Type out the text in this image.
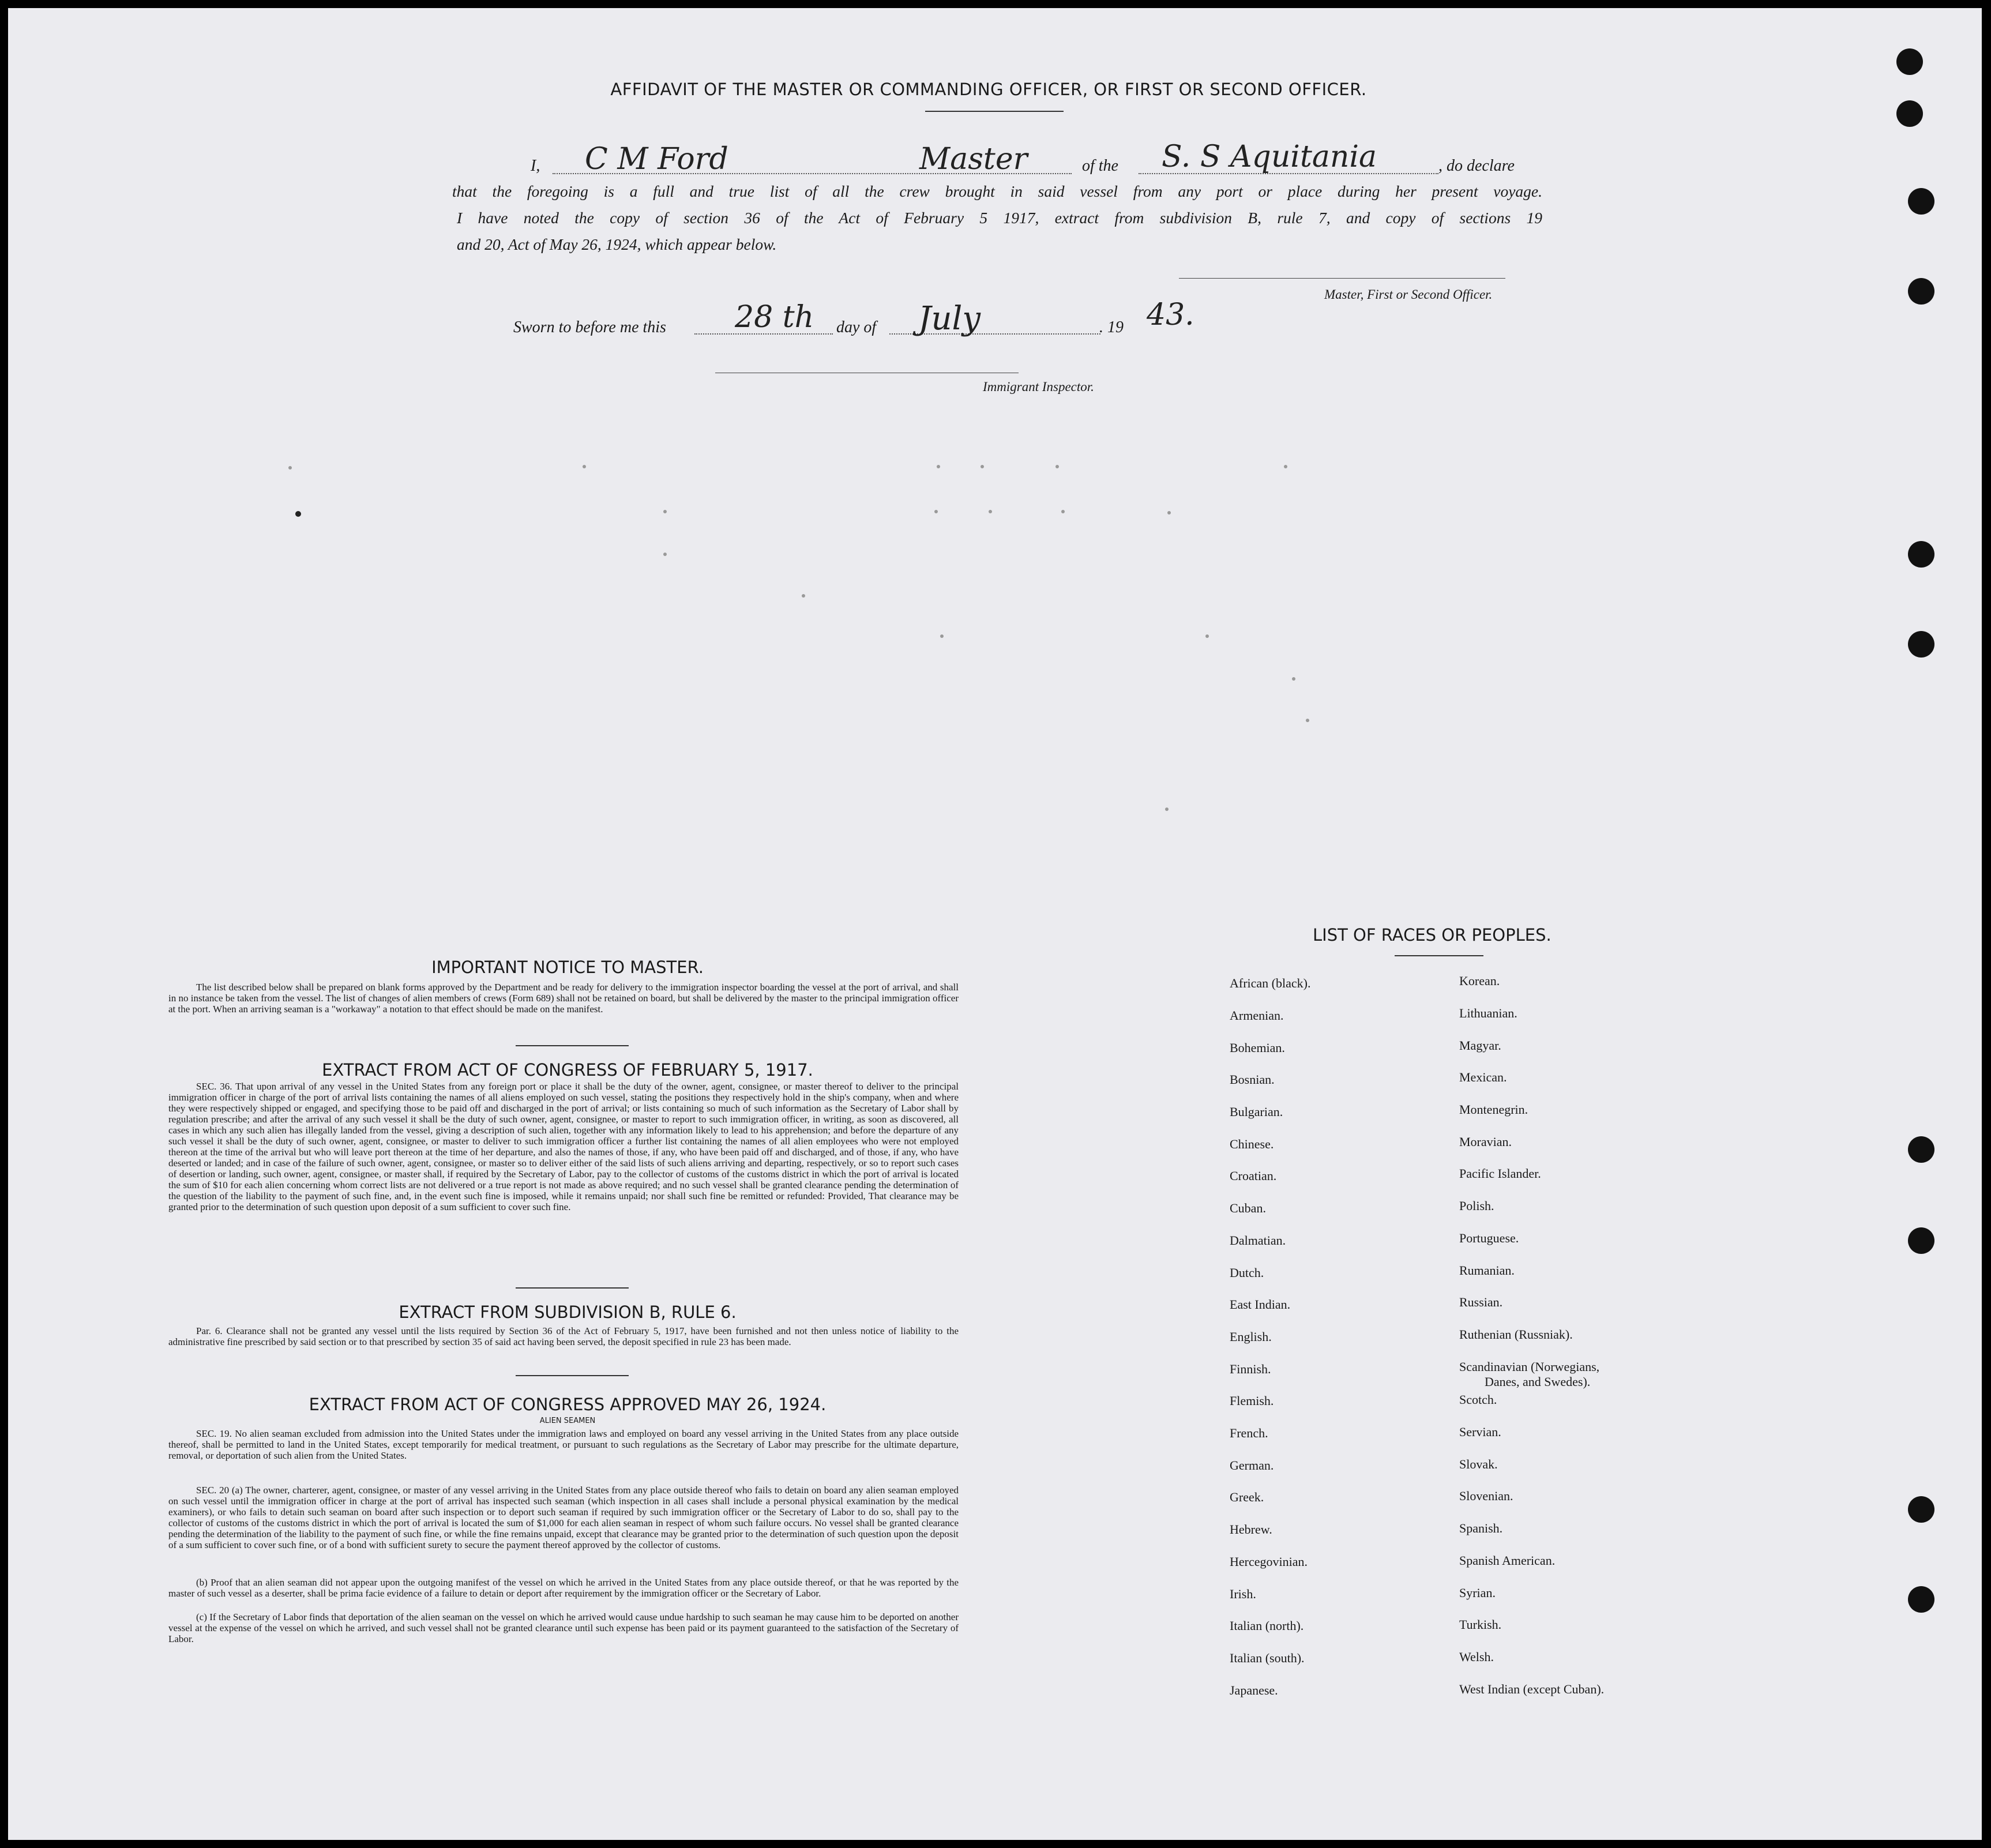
AFFIDAVIT OF THE MASTER OR COMMANDING OFFICER, OR FIRST OR SECOND OFFICER.
I, C M Ford	Master	of the S. S Aquitania	, do declare
that the foregoing is a full and true list of all the crew brought in said vessel from any port or place during her present voyage.
I have noted the copy of section 36 of the Act of February 5 1917, extract from subdivision B, rule 7, and copy of sections 19
and 20, Act of May 26, 1924, which appear below.
Master, First or Second Officer.
Sworn to before me this 28 th day of July	. 19 43.
Immigrant Inspector.
IMPORTANT NOTICE TO MASTER.
The list described below shall be prepared on blank forms approved by the Department and be ready for delivery to the immigration inspector boarding the vessel at the port of arrival, and shall in no instance be taken from the vessel. The list of changes of alien members of crews (Form 689) shall not be retained on board, but shall be delivered by the master to the principal immigration officer at the port. When an arriving seaman is a "workaway" a notation to that effect should be made on the manifest.
EXTRACT FROM ACT OF CONGRESS OF FEBRUARY 5, 1917.
SEC. 36. That upon arrival of any vessel in the United States from any foreign port or place it shall be the duty of the owner, agent, consignee, or master thereof to deliver to the principal immigration officer in charge of the port of arrival lists containing the names of all aliens employed on such vessel, stating the positions they respectively hold in the ship's company, when and where they were respectively shipped or engaged, and specifying those to be paid off and discharged in the port of arrival; or lists containing so much of such information as the Secretary of Labor shall by regulation prescribe; and after the arrival of any such vessel it shall be the duty of such owner, agent, consignee, or master to report to such immigration officer, in writing, as soon as discovered, all cases in which any such alien has illegally landed from the vessel, giving a description of such alien, together with any information likely to lead to his apprehension; and before the departure of any such vessel it shall be the duty of such owner, agent, consignee, or master to deliver to such immigration officer a further list containing the names of all alien employees who were not employed thereon at the time of the arrival but who will leave port thereon at the time of her departure, and also the names of those, if any, who have been paid off and discharged, and of those, if any, who have deserted or landed; and in case of the failure of such owner, agent, consignee, or master so to deliver either of the said lists of such aliens arriving and departing, respectively, or so to report such cases of desertion or landing, such owner, agent, consignee, or master shall, if required by the Secretary of Labor, pay to the collector of customs of the customs district in which the port of arrival is located the sum of $10 for each alien concerning whom correct lists are not delivered or a true report is not made as above required; and no such vessel shall be granted clearance pending the determination of the question of the liability to the payment of such fine, and, in the event such fine is imposed, while it remains unpaid; nor shall such fine be remitted or refunded: Provided, That clearance may be granted prior to the determination of such question upon deposit of a sum sufficient to cover such fine.
EXTRACT FROM SUBDIVISION B, RULE 6.
Par. 6. Clearance shall not be granted any vessel until the lists required by Section 36 of the Act of February 5, 1917, have been furnished and not then unless notice of liability to the administrative fine prescribed by said section or to that prescribed by section 35 of said act having been served, the deposit specified in rule 23 has been made.
EXTRACT FROM ACT OF CONGRESS APPROVED MAY 26, 1924.
ALIEN SEAMEN
SEC. 19. No alien seaman excluded from admission into the United States under the immigration laws and employed on board any vessel arriving in the United States from any place outside thereof, shall be permitted to land in the United States, except temporarily for medical treatment, or pursuant to such regulations as the Secretary of Labor may prescribe for the ultimate departure, removal, or deportation of such alien from the United States.
SEC. 20 (a) The owner, charterer, agent, consignee, or master of any vessel arriving in the United States from any place outside thereof who fails to detain on board any alien seaman employed on such vessel until the immigration officer in charge at the port of arrival has inspected such seaman (which inspection in all cases shall include a personal physical examination by the medical examiners), or who fails to detain such seaman on board after such inspection or to deport such seaman if required by such immigration officer or the Secretary of Labor to do so, shall pay to the collector of customs of the customs district in which the port of arrival is located the sum of $1,000 for each alien seaman in respect of whom such failure occurs. No vessel shall be granted clearance pending the determination of the liability to the payment of such fine, or while the fine remains unpaid, except that clearance may be granted prior to the determination of such question upon the deposit of a sum sufficient to cover such fine, or of a bond with sufficient surety to secure the payment thereof approved by the collector of customs.
(b) Proof that an alien seaman did not appear upon the outgoing manifest of the vessel on which he arrived in the United States from any place outside thereof, or that he was reported by the master of such vessel as a deserter, shall be prima facie evidence of a failure to detain or deport after requirement by the immigration officer or the Secretary of Labor.
(c) If the Secretary of Labor finds that deportation of the alien seaman on the vessel on which he arrived would cause undue hardship to such seaman he may cause him to be deported on another vessel at the expense of the vessel on which he arrived, and such vessel shall not be granted clearance until such expense has been paid or its payment guaranteed to the satisfaction of the Secretary of Labor.
LIST OF RACES OR PEOPLES.
African (black).
Armenian.
Bohemian.
Bosnian.
Bulgarian.
Chinese.
Croatian.
Cuban.
Dalmatian.
Dutch.
East Indian.
English.
Finnish.
Flemish.
French.
German.
Greek.
Hebrew.
Hercegovinian.
Irish.
Italian (north).
Italian (south).
Japanese.
Korean.
Lithuanian.
Magyar.
Mexican.
Montenegrin.
Moravian.
Pacific Islander.
Polish.
Portuguese.
Rumanian.
Russian.
Ruthenian (Russniak).
Scandinavian (Norwegians,
Danes, and Swedes).
Scotch.
Servian.
Slovak.
Slovenian.
Spanish.
Spanish American.
Syrian.
Turkish.
Welsh.
West Indian (except Cuban).
